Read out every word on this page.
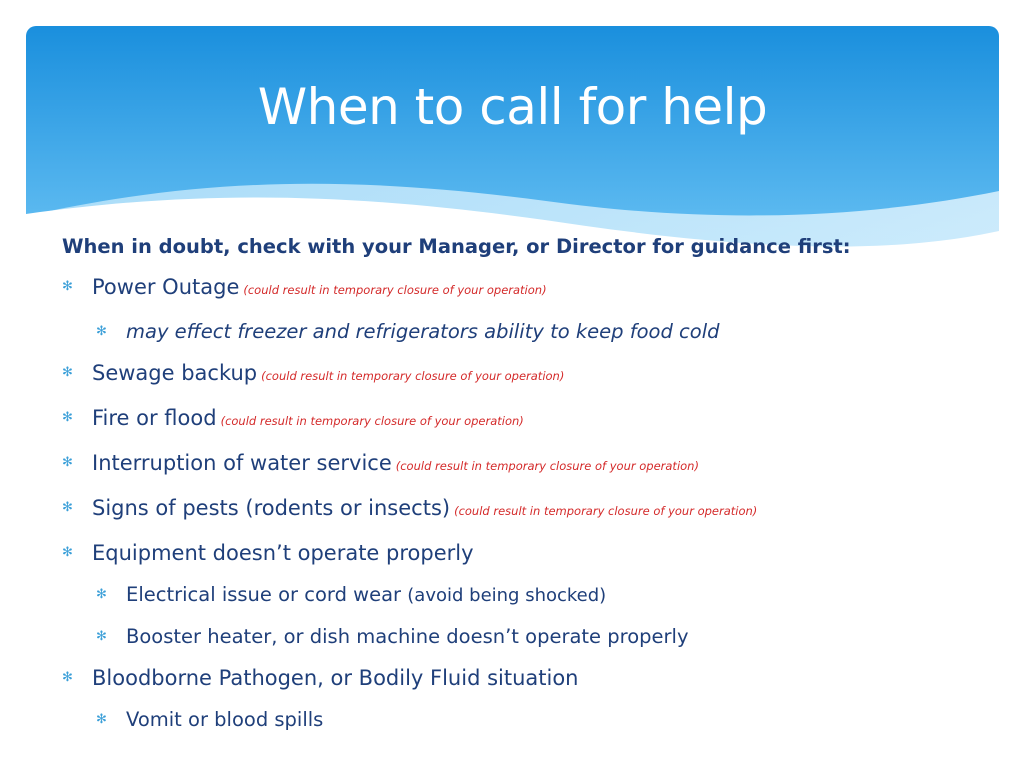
When to call for help
When in doubt, check with your Manager, or Director for guidance first:
✻ Power Outage (could result in temporary closure of your operation)
✻ may effect freezer and refrigerators ability to keep food cold
✻ Sewage backup (could result in temporary closure of your operation)
✻ Fire or flood (could result in temporary closure of your operation)
✻ Interruption of water service (could result in temporary closure of your operation)
✻ Signs of pests (rodents or insects) (could result in temporary closure of your operation)
✻ Equipment doesn’t operate properly
✻ Electrical issue or cord wear (avoid being shocked)
✻ Booster heater, or dish machine doesn’t operate properly
✻ Bloodborne Pathogen, or Bodily Fluid situation
✻ Vomit or blood spills
